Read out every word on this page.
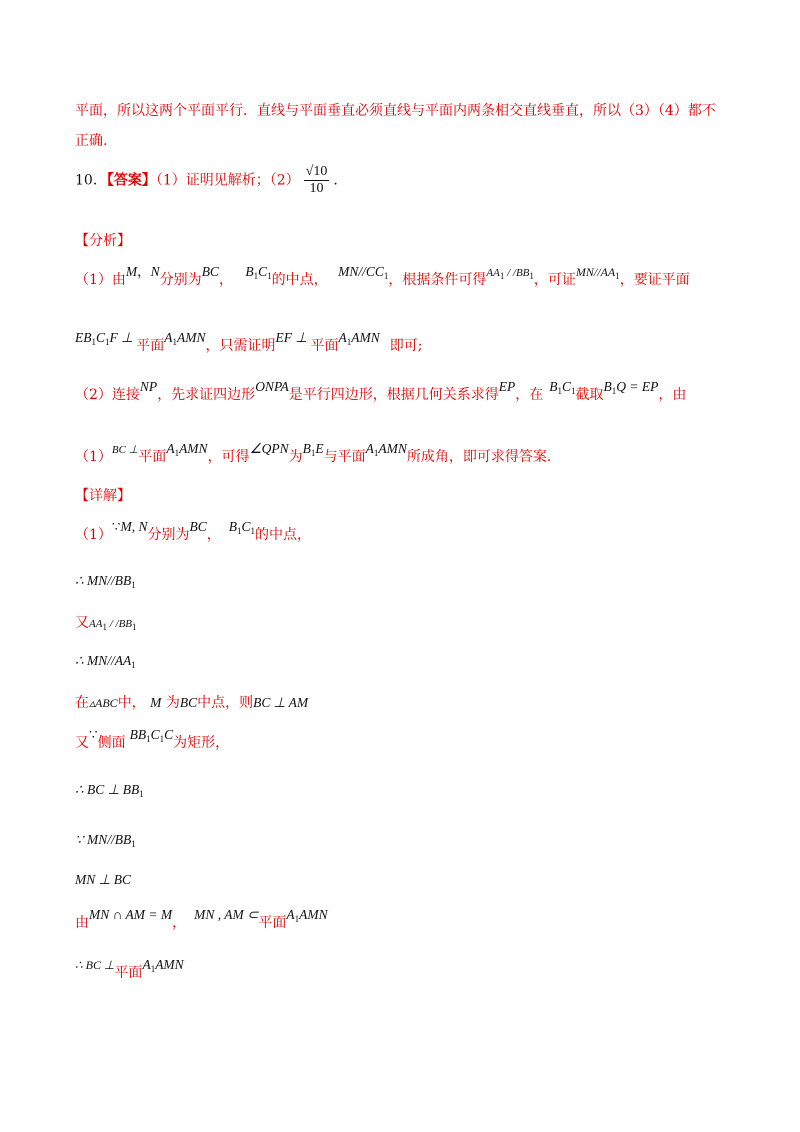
平面，所以这两个平面平行．直线与平面垂直必须直线与平面内两条相交直线垂直，所以（3）（4）都不
正确.
10．【答案】（1）证明见解析；$(2) \frac{√10}{10}$ ．
【分析】
（1）由M，N分别为BC， $B_1C_1$的中点， $MN//CC_1$，根据条件可得$^{AA_1 / /BB_1}$，可证$MN//AA_1$，要证平面
$EB_1C_1F$ ⊥ 平面$A_1AMN$，只需证明EF ⊥ 平面$A_1AMN$即可;
（2）连接NP，先求证四边形ONPA是平行四边形，根据几何关系求得EP，在$B_1C_1$截取$B_1Q$ = EP，由
$(1)^{BC \perp}$平面$A_1AMN$，可得∠QPN为$B_1E$与平面$A_1AMN$所成角，即可求得答案.
【详解】
（1）∵M, N分别为BC，$B_1C_1$的中点，
∴ $MN//BB_1$
又$AA_1 / /BB_1$
∴ $MN//AA_1$
在▵ABC中， M 为BC中点，则BC ⊥ AM
又∵侧面$BB_1C_1C$为矩形，
∴ BC ⊥ $BB_1$
∵ $MN//BB_1$
MN ⊥ BC
由MN ∩ AM = M，MN , AM ⊂平面$A_1AMN$
∴ BC ⊥平面$A_1AMN$
